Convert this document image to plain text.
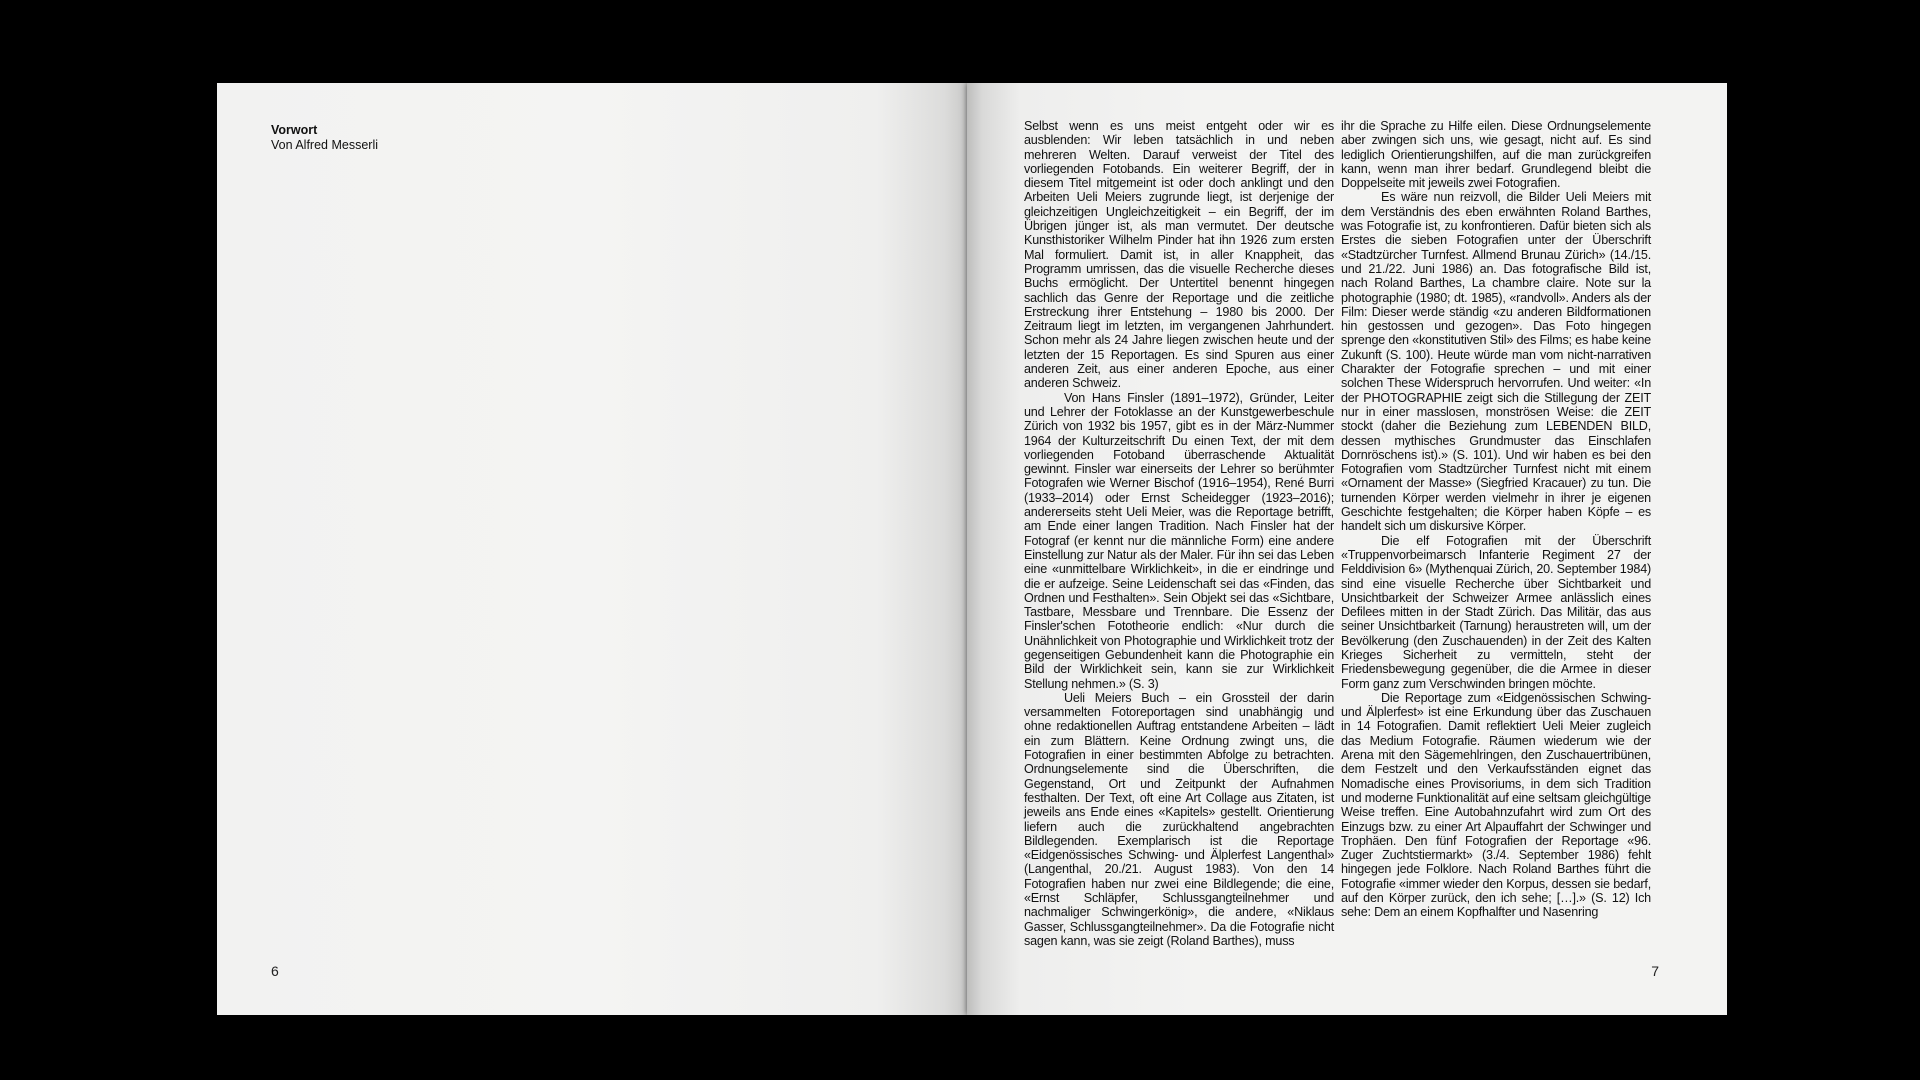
Vorwort
Von Alfred Messerli
6

Selbst wenn es uns meist entgeht oder wir es ausblenden: Wir leben tatsächlich in und neben mehreren Welten. Darauf verweist der Titel des vorliegenden Fotobands. Ein weiterer Begriff, der in diesem Titel mitgemeint ist oder doch anklingt und den Arbeiten Ueli Meiers zugrunde liegt, ist derjenige der gleichzeitigen Ungleichzeitigkeit – ein Begriff, der im Übrigen jünger ist, als man vermutet. Der deutsche Kunsthistoriker Wilhelm Pinder hat ihn 1926 zum ersten Mal formuliert. Damit ist, in aller Knappheit, das Programm umrissen, das die visuelle Recherche dieses Buchs ermöglicht. Der Untertitel benennt hingegen sachlich das Genre der Reportage und die zeitliche Erstreckung ihrer Entstehung – 1980 bis 2000. Der Zeitraum liegt im letzten, im vergangenen Jahrhundert. Schon mehr als 24 Jahre liegen zwischen heute und der letzten der 15 Reportagen. Es sind Spuren aus einer anderen Zeit, aus einer anderen Epoche, aus einer anderen Schweiz.

Von Hans Finsler (1891–1972), Gründer, Leiter und Lehrer der Fotoklasse an der Kunstgewerbeschule Zürich von 1932 bis 1957, gibt es in der März-Nummer 1964 der Kulturzeitschrift Du einen Text, der mit dem vorliegenden Fotoband überraschende Aktualität gewinnt. Finsler war einerseits der Lehrer so berühmter Fotografen wie Werner Bischof (1916–1954), René Burri (1933–2014) oder Ernst Scheidegger (1923–2016); andererseits steht Ueli Meier, was die Reportage betrifft, am Ende einer langen Tradition. Nach Finsler hat der Fotograf (er kennt nur die männliche Form) eine andere Einstellung zur Natur als der Maler. Für ihn sei das Leben eine «unmittelbare Wirklichkeit», in die er eindringe und die er aufzeige. Seine Leidenschaft sei das «Finden, das Ordnen und Festhalten». Sein Objekt sei das «Sichtbare, Tastbare, Messbare und Trennbare. Die Essenz der Finsler'schen Fototheorie endlich: «Nur durch die Unähnlichkeit von Photographie und Wirklichkeit trotz der gegenseitigen Gebundenheit kann die Photographie ein Bild der Wirklichkeit sein, kann sie zur Wirklichkeit Stellung nehmen.» (S. 3)

Ueli Meiers Buch – ein Grossteil der darin versammelten Fotoreportagen sind unabhängig und ohne redaktionellen Auftrag entstandene Arbeiten – lädt ein zum Blättern. Keine Ordnung zwingt uns, die Fotografien in einer bestimmten Abfolge zu betrachten. Ordnungselemente sind die Überschriften, die Gegenstand, Ort und Zeitpunkt der Aufnahmen festhalten. Der Text, oft eine Art Collage aus Zitaten, ist jeweils ans Ende eines «Kapitels» gestellt. Orientierung liefern auch die zurückhaltend angebrachten Bildlegenden. Exemplarisch ist die Reportage «Eidgenössisches Schwing- und Älplerfest Langenthal» (Langenthal, 20./21. August 1983). Von den 14 Fotografien haben nur zwei eine Bildlegende; die eine, «Ernst Schläpfer, Schlussgangteilnehmer und nachmaliger Schwingerkönig», die andere, «Niklaus Gasser, Schlussgangteilnehmer». Da die Fotografie nicht sagen kann, was sie zeigt (Roland Barthes), muss

ihr die Sprache zu Hilfe eilen. Diese Ordnungselemente aber zwingen sich uns, wie gesagt, nicht auf. Es sind lediglich Orientierungshilfen, auf die man zurückgreifen kann, wenn man ihrer bedarf. Grundlegend bleibt die Doppelseite mit jeweils zwei Fotografien.

Es wäre nun reizvoll, die Bilder Ueli Meiers mit dem Verständnis des eben erwähnten Roland Barthes, was Fotografie ist, zu konfrontieren. Dafür bieten sich als Erstes die sieben Fotografien unter der Überschrift «Stadtzürcher Turnfest. Allmend Brunau Zürich» (14./15. und 21./22. Juni 1986) an. Das fotografische Bild ist, nach Roland Barthes, La chambre claire. Note sur la photographie (1980; dt. 1985), «randvoll». Anders als der Film: Dieser werde ständig «zu anderen Bildformationen hin gestossen und gezogen». Das Foto hingegen sprenge den «konstitutiven Stil» des Films; es habe keine Zukunft (S. 100). Heute würde man vom nicht-narrativen Charakter der Fotografie sprechen – und mit einer solchen These Widerspruch hervorrufen. Und weiter: «In der PHOTOGRAPHIE zeigt sich die Stillegung der ZEIT nur in einer masslosen, monströsen Weise: die ZEIT stockt (daher die Beziehung zum LEBENDEN BILD, dessen mythisches Grundmuster das Einschlafen Dornröschens ist).» (S. 101). Und wir haben es bei den Fotografien vom Stadtzürcher Turnfest nicht mit einem «Ornament der Masse» (Siegfried Kracauer) zu tun. Die turnenden Körper werden vielmehr in ihrer je eigenen Geschichte festgehalten; die Körper haben Köpfe – es handelt sich um diskursive Körper.

Die elf Fotografien mit der Überschrift «Truppenvorbeimarsch Infanterie Regiment 27 der Felddivision 6» (Mythenquai Zürich, 20. September 1984) sind eine visuelle Recherche über Sichtbarkeit und Unsichtbarkeit der Schweizer Armee anlässlich eines Defilees mitten in der Stadt Zürich. Das Militär, das aus seiner Unsichtbarkeit (Tarnung) heraustreten will, um der Bevölkerung (den Zuschauenden) in der Zeit des Kalten Krieges Sicherheit zu vermitteln, steht der Friedensbewegung gegenüber, die die Armee in dieser Form ganz zum Verschwinden bringen möchte.

Die Reportage zum «Eidgenössischen Schwing- und Älplerfest» ist eine Erkundung über das Zuschauen in 14 Fotografien. Damit reflektiert Ueli Meier zugleich das Medium Fotografie. Räumen wiederum wie der Arena mit den Sägemehlringen, den Zuschauertribünen, dem Festzelt und den Verkaufsständen eignet das Nomadische eines Provisoriums, in dem sich Tradition und moderne Funktionalität auf eine seltsam gleichgültige Weise treffen. Eine Autobahnzufahrt wird zum Ort des Einzugs bzw. zu einer Art Alpauffahrt der Schwinger und Trophäen. Den fünf Fotografien der Reportage «96. Zuger Zuchtstiermarkt» (3./4. September 1986) fehlt hingegen jede Folklore. Nach Roland Barthes führt die Fotografie «immer wieder den Korpus, dessen sie bedarf, auf den Körper zurück, den ich sehe; […].» (S. 12) Ich sehe: Dem an einem Kopfhalfter und Nasenring

7
